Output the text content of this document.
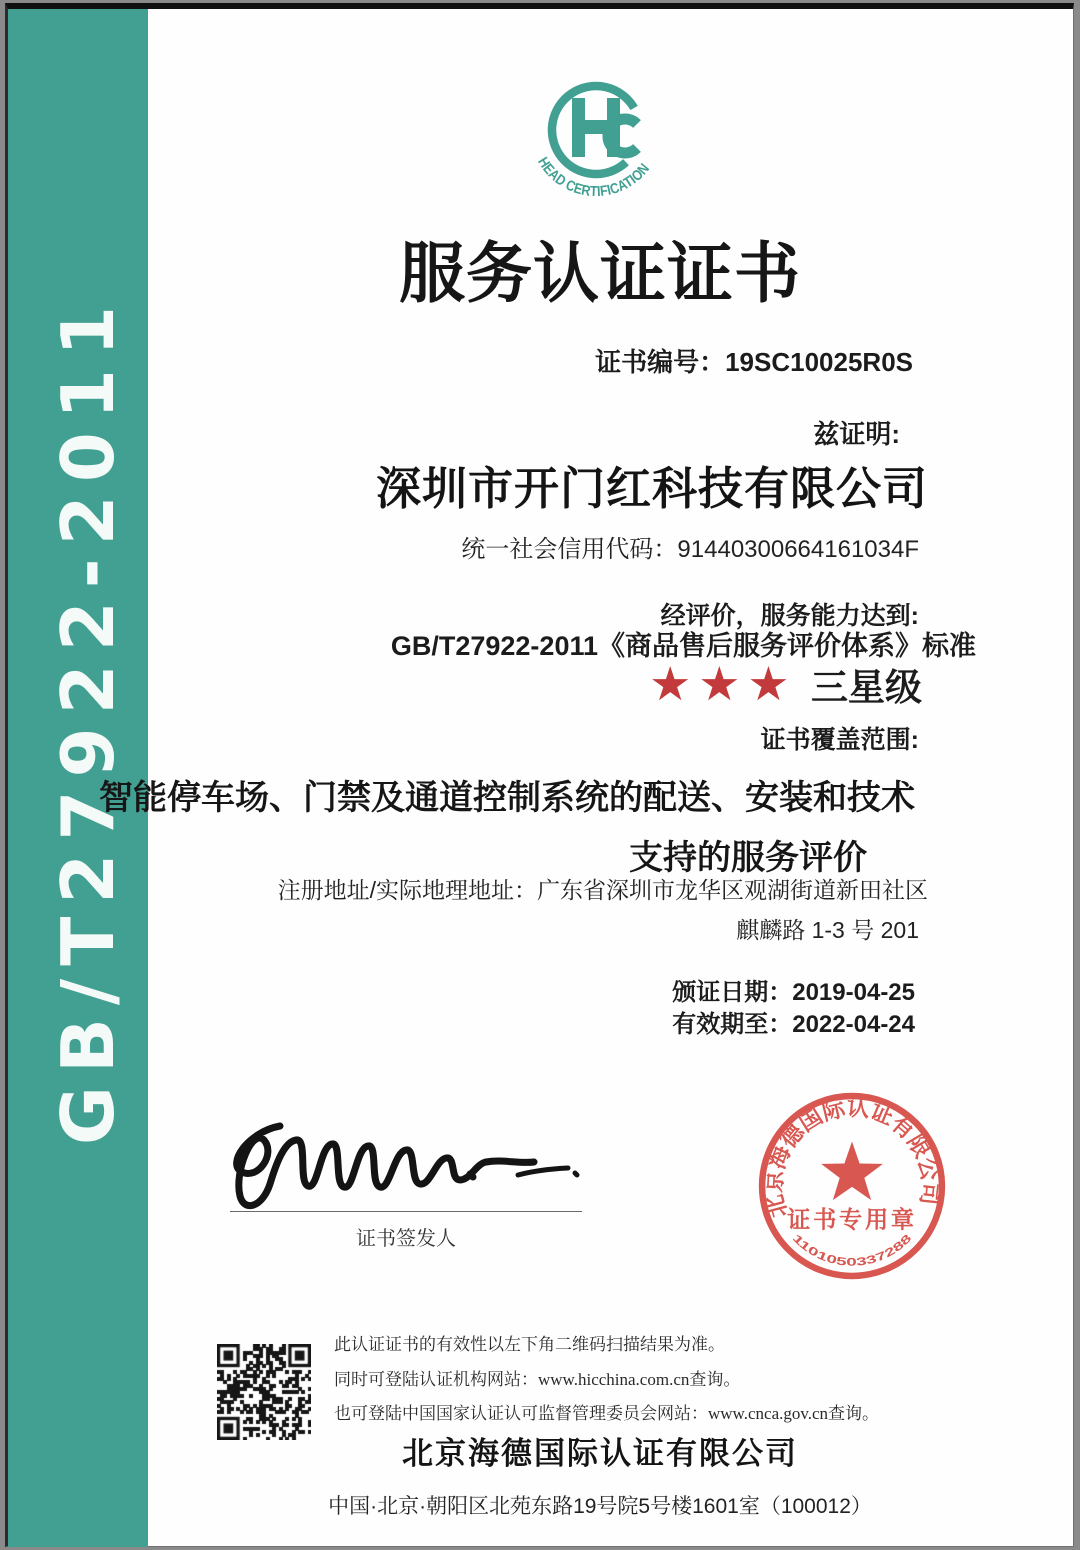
GB/T27922-2011
HEAD CERTIFICATION
服务认证证书
证书编号：19SC10025R0S
兹证明:
深圳市开门红科技有限公司
统一社会信用代码：91440300664161034F
经评价，服务能力达到:
GB/T27922-2011《商品售后服务评价体系》标准
★★★ 三星级
证书覆盖范围:
智能停车场、门禁及通道控制系统的配送、安装和技术
支持的服务评价
注册地址/实际地理地址：广东省深圳市龙华区观湖街道新田社区
麒麟路 1-3 号 201
颁证日期：2019-04-25
有效期至：2022-04-24
证书签发人
北京海德国际认证有限公司
证书专用章
1101050337288
此认证证书的有效性以左下角二维码扫描结果为准。
同时可登陆认证机构网站：www.hicchina.com.cn查询。
也可登陆中国国家认证认可监督管理委员会网站：www.cnca.gov.cn查询。
北京海德国际认证有限公司
中国·北京·朝阳区北苑东路19号院5号楼1601室（100012）
